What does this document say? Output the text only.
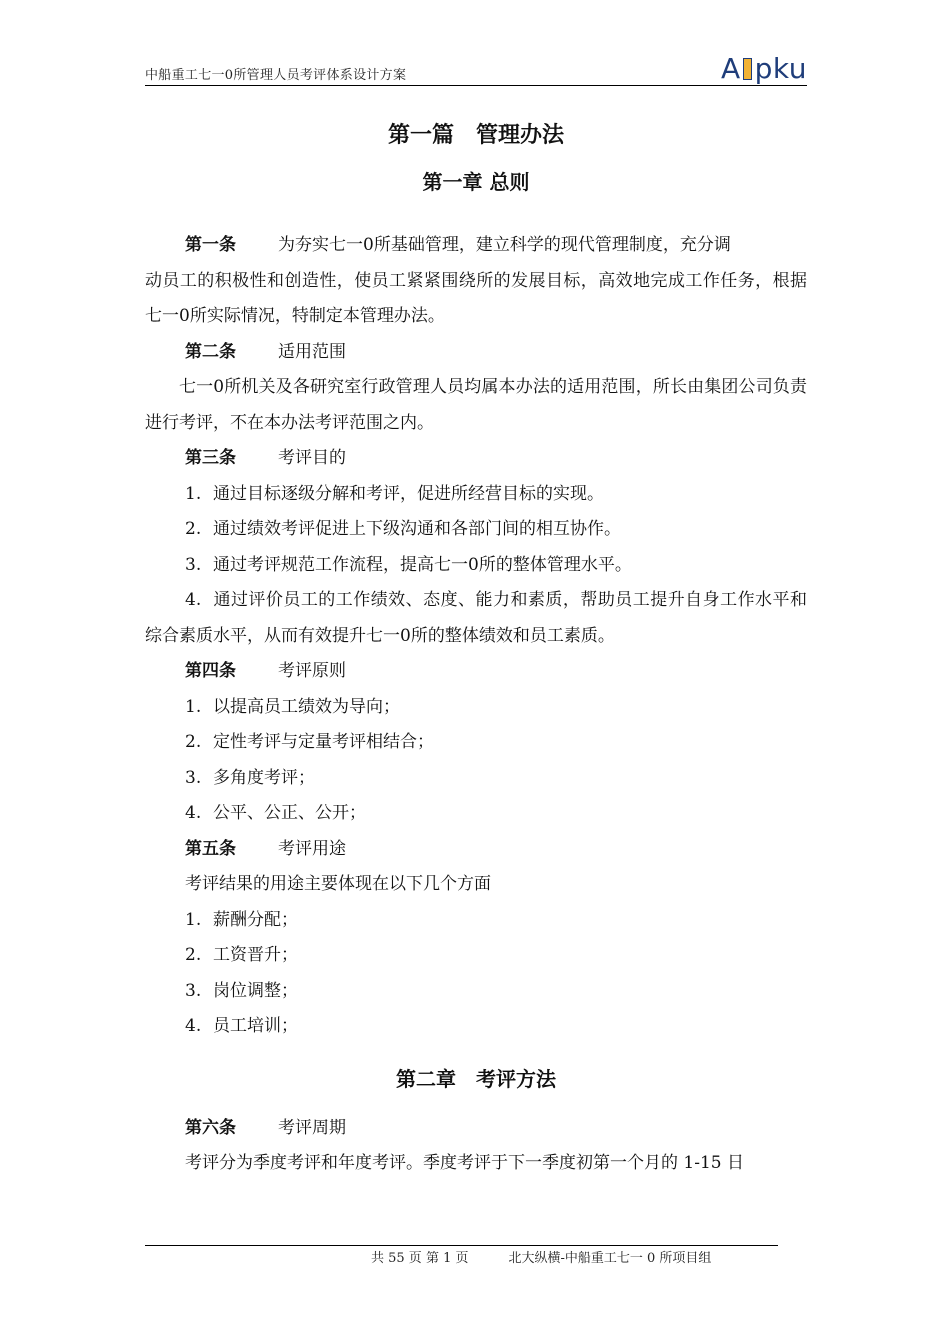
中船重工七一0所管理人员考评体系设计方案	A pku
第一篇　管理办法
第一章 总则

第一条 为夯实七一0所基础管理，建立科学的现代管理制度，充分调

动员工的积极性和创造性，使员工紧紧围绕所的发展目标，高效地完成工作任务，根据七一0所实际情况，特制定本管理办法。

第二条 适用范围

七一0所机关及各研究室行政管理人员均属本办法的适用范围，所长由集团公司负责进行考评，不在本办法考评范围之内。

第三条 考评目的

1. 通过目标逐级分解和考评，促进所经营目标的实现。

2. 通过绩效考评促进上下级沟通和各部门间的相互协作。

3. 通过考评规范工作流程，提高七一0所的整体管理水平。

4. 通过评价员工的工作绩效、态度、能力和素质，帮助员工提升自身工作水平和综合素质水平，从而有效提升七一0所的整体绩效和员工素质。

第四条 考评原则

1. 以提高员工绩效为导向；

2. 定性考评与定量考评相结合；

3. 多角度考评；

4. 公平、公正、公开；

第五条 考评用途

考评结果的用途主要体现在以下几个方面

1. 薪酬分配；

2. 工资晋升；

3. 岗位调整；

4. 员工培训；

第二章　考评方法

第六条 考评周期

考评分为季度考评和年度考评。季度考评于下一季度初第一个月的 1-15 日

共 55 页 第 1 页	北大纵横-中船重工七一 0 所项目组
